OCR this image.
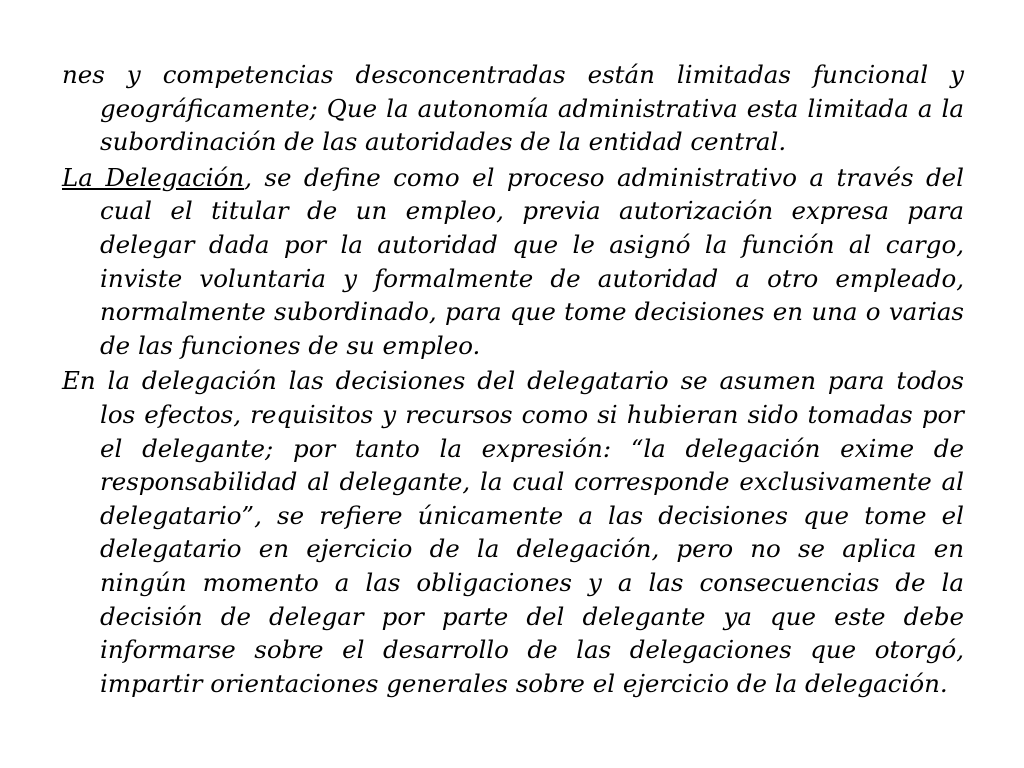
nes y competencias desconcentradas están limitadas funcional y geográficamente; Que la autonomía administrativa esta limitada a la subordinación de las autoridades de la entidad central.

La Delegación, se define como el proceso administrativo a través del cual el titular de un empleo, previa autorización expresa para delegar dada por la autoridad que le asignó la función al cargo, inviste voluntaria y formalmente de autoridad a otro empleado, normalmente subordinado, para que tome decisiones en una o varias de las funciones de su empleo.

En la delegación las decisiones del delegatario se asumen para todos los efectos, requisitos y recursos como si hubieran sido tomadas por el delegante; por tanto la expresión: “la delegación exime de responsabilidad al delegante, la cual corresponde exclusivamente al delegatario”, se refiere únicamente a las decisiones que tome el delegatario en ejercicio de la delegación, pero no se aplica en ningún momento a las obligaciones y a las consecuencias de la decisión de delegar por parte del delegante ya que este debe informarse sobre el desarrollo de las delegaciones que otorgó, impartir orientaciones generales sobre el ejercicio de la delegación.
